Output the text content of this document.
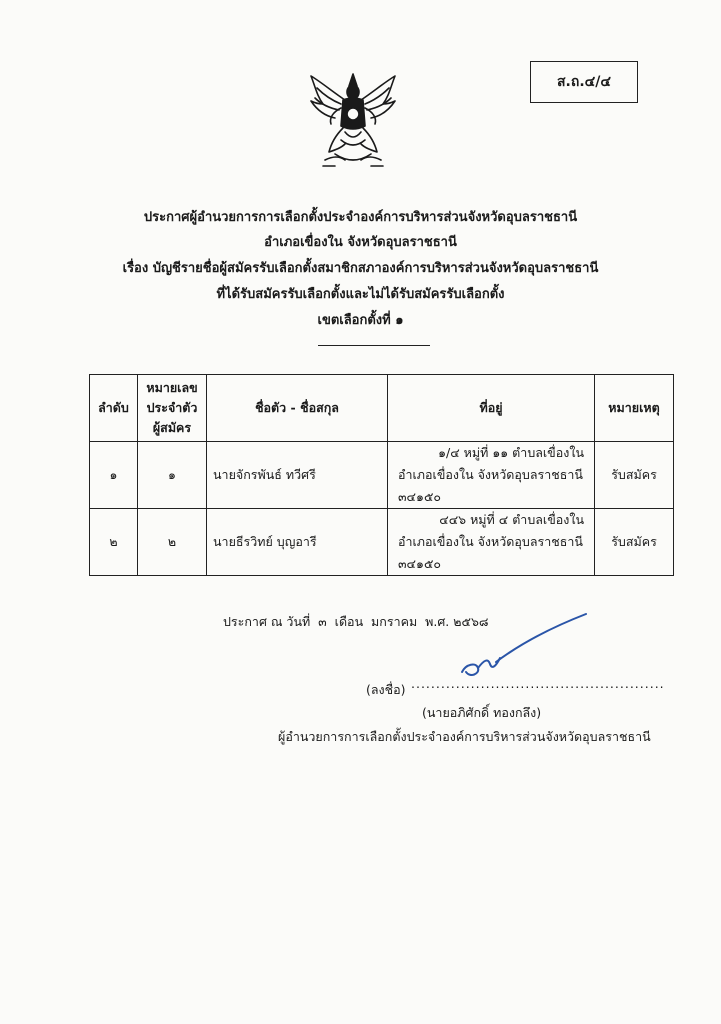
ส.ถ.๔/๔
ประกาศผู้อำนวยการการเลือกตั้งประจำองค์การบริหารส่วนจังหวัดอุบลราชธานี
อำเภอเขื่องใน จังหวัดอุบลราชธานี
เรื่อง บัญชีรายชื่อผู้สมัครรับเลือกตั้งสมาชิกสภาองค์การบริหารส่วนจังหวัดอุบลราชธานี
ที่ได้รับสมัครรับเลือกตั้งและไม่ได้รับสมัครรับเลือกตั้ง
เขตเลือกตั้งที่ ๑
ลำดับ	หมายเลข
ประจำตัว
ผู้สมัคร	ชื่อตัว - ชื่อสกุล	ที่อยู่	หมายเหตุ
๑	๑	นายจักรพันธ์ ทวีศรี	๑/๔ หมู่ที่ ๑๑ ตำบลเขื่องใน
อำเภอเขื่องใน จังหวัดอุบลราชธานี
๓๔๑๕๐	รับสมัคร
๒	๒	นายธีรวิทย์ บุญอารี	๔๔๖ หมู่ที่ ๔ ตำบลเขื่องใน
อำเภอเขื่องใน จังหวัดอุบลราชธานี
๓๔๑๕๐	รับสมัคร
ประกาศ ณ วันที่  ๓  เดือน  มกราคม  พ.ศ. ๒๕๖๘
(ลงชื่อ) ...................................................
(นายอภิศักดิ์ ทองกลึง)
ผู้อำนวยการการเลือกตั้งประจำองค์การบริหารส่วนจังหวัดอุบลราชธานี
